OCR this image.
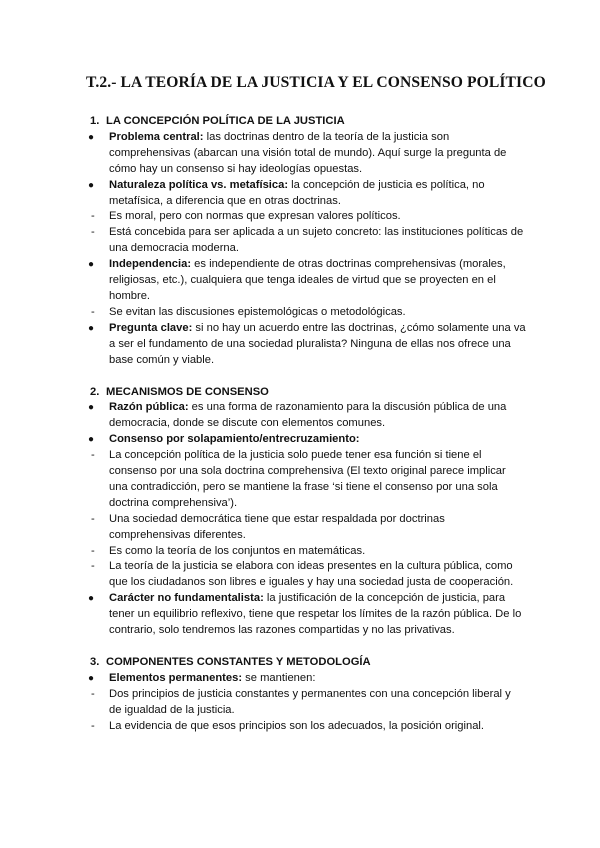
T.2.- LA TEORÍA DE LA JUSTICIA Y EL CONSENSO POLÍTICO

1. LA CONCEPCIÓN POLÍTICA DE LA JUSTICIA

● Problema central: las doctrinas dentro de la teoría de la justicia son comprehensivas (abarcan una visión total de mundo). Aquí surge la pregunta de cómo hay un consenso si hay ideologías opuestas.

● Naturaleza política vs. metafísica: la concepción de justicia es política, no metafísica, a diferencia que en otras doctrinas.

- Es moral, pero con normas que expresan valores políticos.

- Está concebida para ser aplicada a un sujeto concreto: las instituciones políticas de una democracia moderna.

● Independencia: es independiente de otras doctrinas comprehensivas (morales, religiosas, etc.), cualquiera que tenga ideales de virtud que se proyecten en el hombre.

- Se evitan las discusiones epistemológicas o metodológicas.

● Pregunta clave: si no hay un acuerdo entre las doctrinas, ¿cómo solamente una va a ser el fundamento de una sociedad pluralista? Ninguna de ellas nos ofrece una base común y viable.

2. MECANISMOS DE CONSENSO

● Razón pública: es una forma de razonamiento para la discusión pública de una democracia, donde se discute con elementos comunes.

● Consenso por solapamiento/entrecruzamiento:

- La concepción política de la justicia solo puede tener esa función si tiene el consenso por una sola doctrina comprehensiva (El texto original parece implicar una contradicción, pero se mantiene la frase ‘si tiene el consenso por una sola doctrina comprehensiva’).

- Una sociedad democrática tiene que estar respaldada por doctrinas comprehensivas diferentes.

- Es como la teoría de los conjuntos en matemáticas.

- La teoría de la justicia se elabora con ideas presentes en la cultura pública, como que los ciudadanos son libres e iguales y hay una sociedad justa de cooperación.

● Carácter no fundamentalista: la justificación de la concepción de justicia, para tener un equilibrio reflexivo, tiene que respetar los límites de la razón pública. De lo contrario, solo tendremos las razones compartidas y no las privativas.

3. COMPONENTES CONSTANTES Y METODOLOGÍA

● Elementos permanentes: se mantienen:

- Dos principios de justicia constantes y permanentes con una concepción liberal y de igualdad de la justicia.

- La evidencia de que esos principios son los adecuados, la posición original.
